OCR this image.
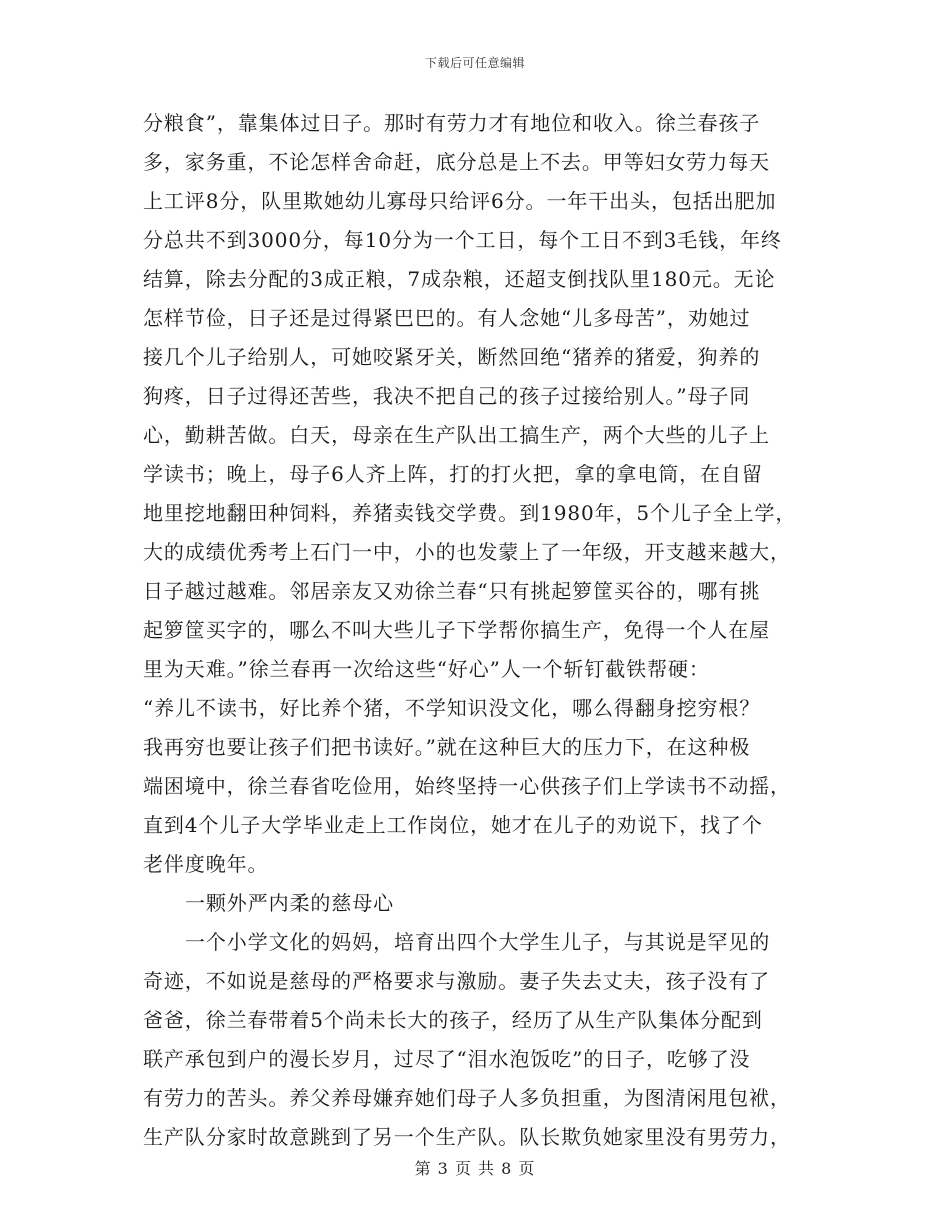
下载后可任意编辑
分粮食”，靠集体过日子。那时有劳力才有地位和收入。徐兰春孩子
多，家务重，不论怎样舍命赶，底分总是上不去。甲等妇女劳力每天
上工评8分，队里欺她幼儿寡母只给评6分。一年干出头，包括出肥加
分总共不到3000分，每10分为一个工日，每个工日不到3毛钱，年终
结算，除去分配的3成正粮，7成杂粮，还超支倒找队里180元。无论
怎样节俭，日子还是过得紧巴巴的。有人念她“儿多母苦”，劝她过
接几个儿子给别人，可她咬紧牙关，断然回绝“猪养的猪爱，狗养的
狗疼，日子过得还苦些，我决不把自己的孩子过接给别人。”母子同
心，勤耕苦做。白天，母亲在生产队出工搞生产，两个大些的儿子上
学读书；晚上，母子6人齐上阵，打的打火把，拿的拿电筒，在自留
地里挖地翻田种饲料，养猪卖钱交学费。到1980年，5个儿子全上学，
大的成绩优秀考上石门一中，小的也发蒙上了一年级，开支越来越大，
日子越过越难。邻居亲友又劝徐兰春“只有挑起箩筐买谷的，哪有挑
起箩筐买字的，哪么不叫大些儿子下学帮你搞生产，免得一个人在屋
里为天难。”徐兰春再一次给这些“好心”人一个斩钉截铁帮硬：
“养儿不读书，好比养个猪，不学知识没文化，哪么得翻身挖穷根？
我再穷也要让孩子们把书读好。”就在这种巨大的压力下，在这种极
端困境中，徐兰春省吃俭用，始终坚持一心供孩子们上学读书不动摇，
直到4个儿子大学毕业走上工作岗位，她才在儿子的劝说下，找了个
老伴度晚年。
一颗外严内柔的慈母心
一个小学文化的妈妈，培育出四个大学生儿子，与其说是罕见的
奇迹，不如说是慈母的严格要求与激励。妻子失去丈夫，孩子没有了
爸爸，徐兰春带着5个尚未长大的孩子，经历了从生产队集体分配到
联产承包到户的漫长岁月，过尽了“泪水泡饭吃”的日子，吃够了没
有劳力的苦头。养父养母嫌弃她们母子人多负担重，为图清闲甩包袱，
生产队分家时故意跳到了另一个生产队。队长欺负她家里没有男劳力，
第 3 页 共 8 页
